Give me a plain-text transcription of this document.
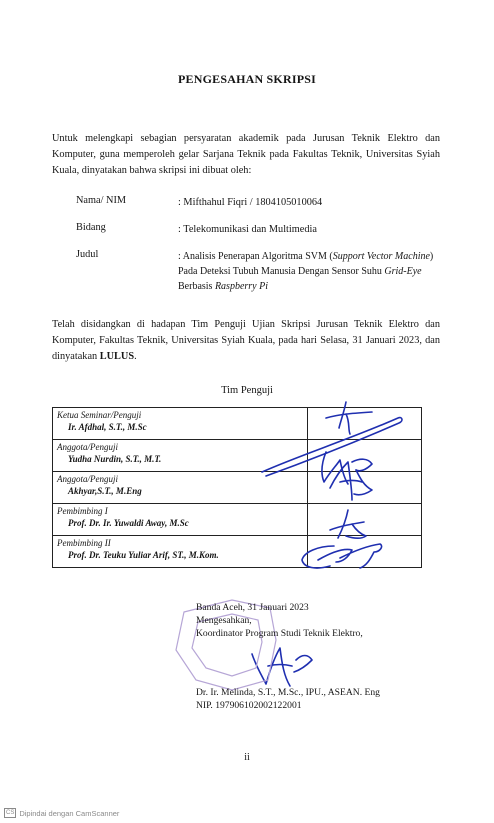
PENGESAHAN SKRIPSI
Untuk melengkapi sebagian persyaratan akademik pada Jurusan Teknik Elektro dan Komputer, guna memperoleh gelar Sarjana Teknik pada Fakultas Teknik, Universitas Syiah Kuala, dinyatakan bahwa skripsi ini dibuat oleh:
Nama/ NIM	: Mifthahul Fiqri / 1804105010064
Bidang	: Telekomunikasi dan Multimedia
Judul	: Analisis Penerapan Algoritma SVM (Support Vector Machine) Pada Deteksi Tubuh Manusia Dengan Sensor Suhu Grid-Eye Berbasis Raspberry Pi
Telah disidangkan di hadapan Tim Penguji Ujian Skripsi Jurusan Teknik Elektro dan Komputer, Fakultas Teknik, Universitas Syiah Kuala, pada hari Selasa, 31 Januari 2023, dan dinyatakan LULUS.
Tim Penguji
Ketua Seminar/Penguji
Ir. Afdhal, S.T., M.Sc	

Anggota/Penguji
Yudha Nurdin, S.T., M.T.	

Anggota/Penguji
Akhyar,S.T., M.Eng	

Pembimbing I
Prof. Dr. Ir. Yuwaldi Away, M.Sc	

Pembimbing II
Prof. Dr. Teuku Yuliar Arif, ST., M.Kom.	

Banda Aceh, 31 Januari 2023
Mengesahkan,
Koordinator Program Studi Teknik Elektro,
Dr. Ir. Melinda, S.T., M.Sc., IPU., ASEAN. Eng
NIP. 197906102002122001
ii
CS Dipindai dengan CamScanner
